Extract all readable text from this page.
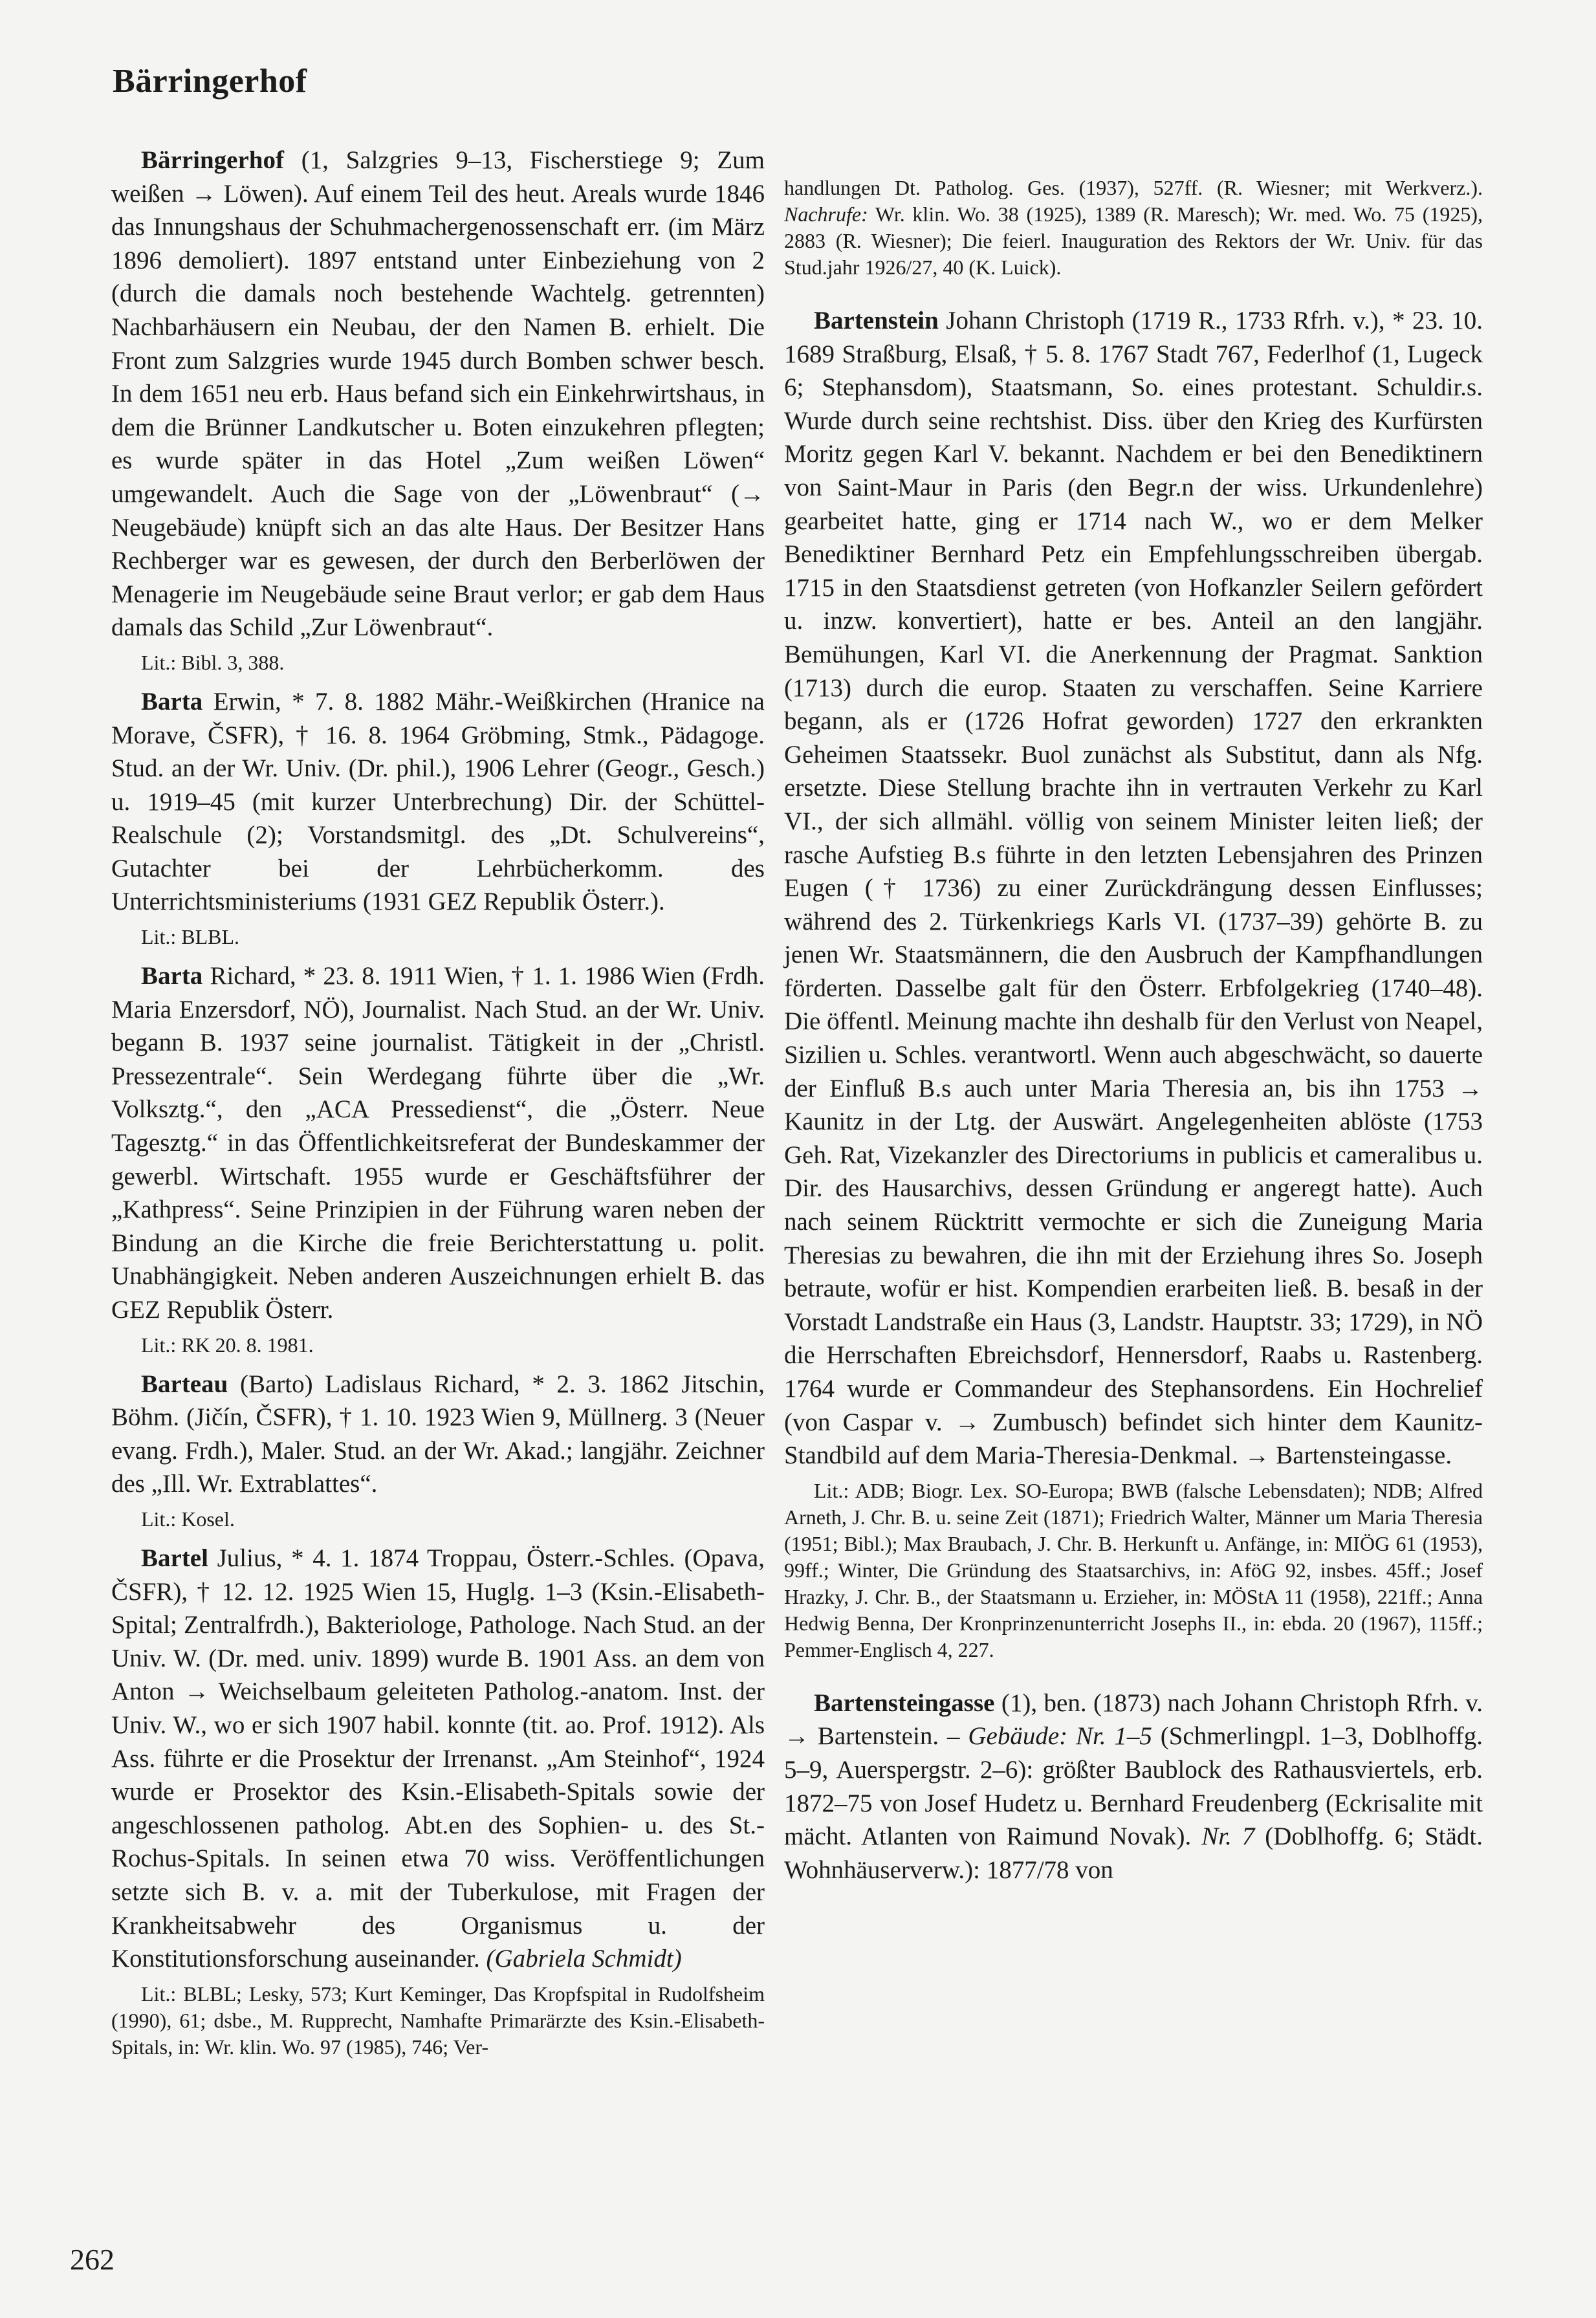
Bärringerhof

Bärringerhof (1, Salzgries 9–13, Fischerstiege 9; Zum weißen → Löwen). Auf einem Teil des heut. Areals wurde 1846 das Innungshaus der Schuhmachergenossenschaft err. (im März 1896 demoliert). 1897 entstand unter Einbeziehung von 2 (durch die damals noch bestehende Wachtelg. getrennten) Nachbarhäusern ein Neubau, der den Namen B. erhielt. Die Front zum Salzgries wurde 1945 durch Bomben schwer besch. In dem 1651 neu erb. Haus befand sich ein Einkehrwirtshaus, in dem die Brünner Landkutscher u. Boten einzukehren pflegten; es wurde später in das Hotel „Zum weißen Löwen“ umgewandelt. Auch die Sage von der „Löwenbraut“ (→ Neugebäude) knüpft sich an das alte Haus. Der Besitzer Hans Rechberger war es gewesen, der durch den Berberlöwen der Menagerie im Neugebäude seine Braut verlor; er gab dem Haus damals das Schild „Zur Löwenbraut“.

Lit.: Bibl. 3, 388.

Barta Erwin, * 7. 8. 1882 Mähr.-Weißkirchen (Hranice na Morave, ČSFR), † 16. 8. 1964 Gröbming, Stmk., Pädagoge. Stud. an der Wr. Univ. (Dr. phil.), 1906 Lehrer (Geogr., Gesch.) u. 1919–45 (mit kurzer Unterbrechung) Dir. der Schüttel-Realschule (2); Vorstandsmitgl. des „Dt. Schulvereins“, Gutachter bei der Lehrbücherkomm. des Unterrichtsministeriums (1931 GEZ Republik Österr.).

Lit.: BLBL.

Barta Richard, * 23. 8. 1911 Wien, † 1. 1. 1986 Wien (Frdh. Maria Enzersdorf, NÖ), Journalist. Nach Stud. an der Wr. Univ. begann B. 1937 seine journalist. Tätigkeit in der „Christl. Pressezentrale“. Sein Werdegang führte über die „Wr. Volksztg.“, den „ACA Pressedienst“, die „Österr. Neue Tagesztg.“ in das Öffentlichkeitsreferat der Bundeskammer der gewerbl. Wirtschaft. 1955 wurde er Geschäftsführer der „Kathpress“. Seine Prinzipien in der Führung waren neben der Bindung an die Kirche die freie Berichterstattung u. polit. Unabhängigkeit. Neben anderen Auszeichnungen erhielt B. das GEZ Republik Österr.

Lit.: RK 20. 8. 1981.

Barteau (Barto) Ladislaus Richard, * 2. 3. 1862 Jitschin, Böhm. (Jičín, ČSFR), † 1. 10. 1923 Wien 9, Müllnerg. 3 (Neuer evang. Frdh.), Maler. Stud. an der Wr. Akad.; langjähr. Zeichner des „Ill. Wr. Extrablattes“.

Lit.: Kosel.

Bartel Julius, * 4. 1. 1874 Troppau, Österr.-Schles. (Opava, ČSFR), † 12. 12. 1925 Wien 15, Huglg. 1–3 (Ksin.-Elisabeth-Spital; Zentralfrdh.), Bakteriologe, Pathologe. Nach Stud. an der Univ. W. (Dr. med. univ. 1899) wurde B. 1901 Ass. an dem von Anton → Weichselbaum geleiteten Patholog.-anatom. Inst. der Univ. W., wo er sich 1907 habil. konnte (tit. ao. Prof. 1912). Als Ass. führte er die Prosektur der Irrenanst. „Am Steinhof“, 1924 wurde er Prosektor des Ksin.-Elisabeth-Spitals sowie der angeschlossenen patholog. Abt.en des Sophien- u. des St.-Rochus-Spitals. In seinen etwa 70 wiss. Veröffentlichungen setzte sich B. v. a. mit der Tuberkulose, mit Fragen der Krankheitsabwehr des Organismus u. der Konstitutionsforschung auseinander. (Gabriela Schmidt)

Lit.: BLBL; Lesky, 573; Kurt Keminger, Das Kropfspital in Rudolfsheim (1990), 61; dsbe., M. Rupprecht, Namhafte Primarärzte des Ksin.-Elisabeth-Spitals, in: Wr. klin. Wo. 97 (1985), 746; Ver-

handlungen Dt. Patholog. Ges. (1937), 527ff. (R. Wiesner; mit Werkverz.). Nachrufe: Wr. klin. Wo. 38 (1925), 1389 (R. Maresch); Wr. med. Wo. 75 (1925), 2883 (R. Wiesner); Die feierl. Inauguration des Rektors der Wr. Univ. für das Stud.jahr 1926/27, 40 (K. Luick).

Bartenstein Johann Christoph (1719 R., 1733 Rfrh. v.), * 23. 10. 1689 Straßburg, Elsaß, † 5. 8. 1767 Stadt 767, Federlhof (1, Lugeck 6; Stephansdom), Staatsmann, So. eines protestant. Schuldir.s. Wurde durch seine rechtshist. Diss. über den Krieg des Kurfürsten Moritz gegen Karl V. bekannt. Nachdem er bei den Benediktinern von Saint-Maur in Paris (den Begr.n der wiss. Urkundenlehre) gearbeitet hatte, ging er 1714 nach W., wo er dem Melker Benediktiner Bernhard Petz ein Empfehlungsschreiben übergab. 1715 in den Staatsdienst getreten (von Hofkanzler Seilern gefördert u. inzw. konvertiert), hatte er bes. Anteil an den langjähr. Bemühungen, Karl VI. die Anerkennung der Pragmat. Sanktion (1713) durch die europ. Staaten zu verschaffen. Seine Karriere begann, als er (1726 Hofrat geworden) 1727 den erkrankten Geheimen Staatssekr. Buol zunächst als Substitut, dann als Nfg. ersetzte. Diese Stellung brachte ihn in vertrauten Verkehr zu Karl VI., der sich allmähl. völlig von seinem Minister leiten ließ; der rasche Aufstieg B.s führte in den letzten Lebensjahren des Prinzen Eugen († 1736) zu einer Zurückdrängung dessen Einflusses; während des 2. Türkenkriegs Karls VI. (1737–39) gehörte B. zu jenen Wr. Staatsmännern, die den Ausbruch der Kampfhandlungen förderten. Dasselbe galt für den Österr. Erbfolgekrieg (1740–48). Die öffentl. Meinung machte ihn deshalb für den Verlust von Neapel, Sizilien u. Schles. verantwortl. Wenn auch abgeschwächt, so dauerte der Einfluß B.s auch unter Maria Theresia an, bis ihn 1753 → Kaunitz in der Ltg. der Auswärt. Angelegenheiten ablöste (1753 Geh. Rat, Vizekanzler des Directoriums in publicis et cameralibus u. Dir. des Hausarchivs, dessen Gründung er angeregt hatte). Auch nach seinem Rücktritt vermochte er sich die Zuneigung Maria Theresias zu bewahren, die ihn mit der Erziehung ihres So. Joseph betraute, wofür er hist. Kompendien erarbeiten ließ. B. besaß in der Vorstadt Landstraße ein Haus (3, Landstr. Hauptstr. 33; 1729), in NÖ die Herrschaften Ebreichsdorf, Hennersdorf, Raabs u. Rastenberg. 1764 wurde er Commandeur des Stephansordens. Ein Hochrelief (von Caspar v. → Zumbusch) befindet sich hinter dem Kaunitz-Standbild auf dem Maria-Theresia-Denkmal. → Bartensteingasse.

Lit.: ADB; Biogr. Lex. SO-Europa; BWB (falsche Lebensdaten); NDB; Alfred Arneth, J. Chr. B. u. seine Zeit (1871); Friedrich Walter, Männer um Maria Theresia (1951; Bibl.); Max Braubach, J. Chr. B. Herkunft u. Anfänge, in: MIÖG 61 (1953), 99ff.; Winter, Die Gründung des Staatsarchivs, in: AföG 92, insbes. 45ff.; Josef Hrazky, J. Chr. B., der Staatsmann u. Erzieher, in: MÖStA 11 (1958), 221ff.; Anna Hedwig Benna, Der Kronprinzenunterricht Josephs II., in: ebda. 20 (1967), 115ff.; Pemmer-Englisch 4, 227.

Bartensteingasse (1), ben. (1873) nach Johann Christoph Rfrh. v. → Bartenstein. – Gebäude: Nr. 1–5 (Schmerlingpl. 1–3, Doblhoffg. 5–9, Auerspergstr. 2–6): größter Baublock des Rathausviertels, erb. 1872–75 von Josef Hudetz u. Bernhard Freudenberg (Eckrisalite mit mächt. Atlanten von Raimund Novak). Nr. 7 (Doblhoffg. 6; Städt. Wohnhäuserverw.): 1877/78 von

262
